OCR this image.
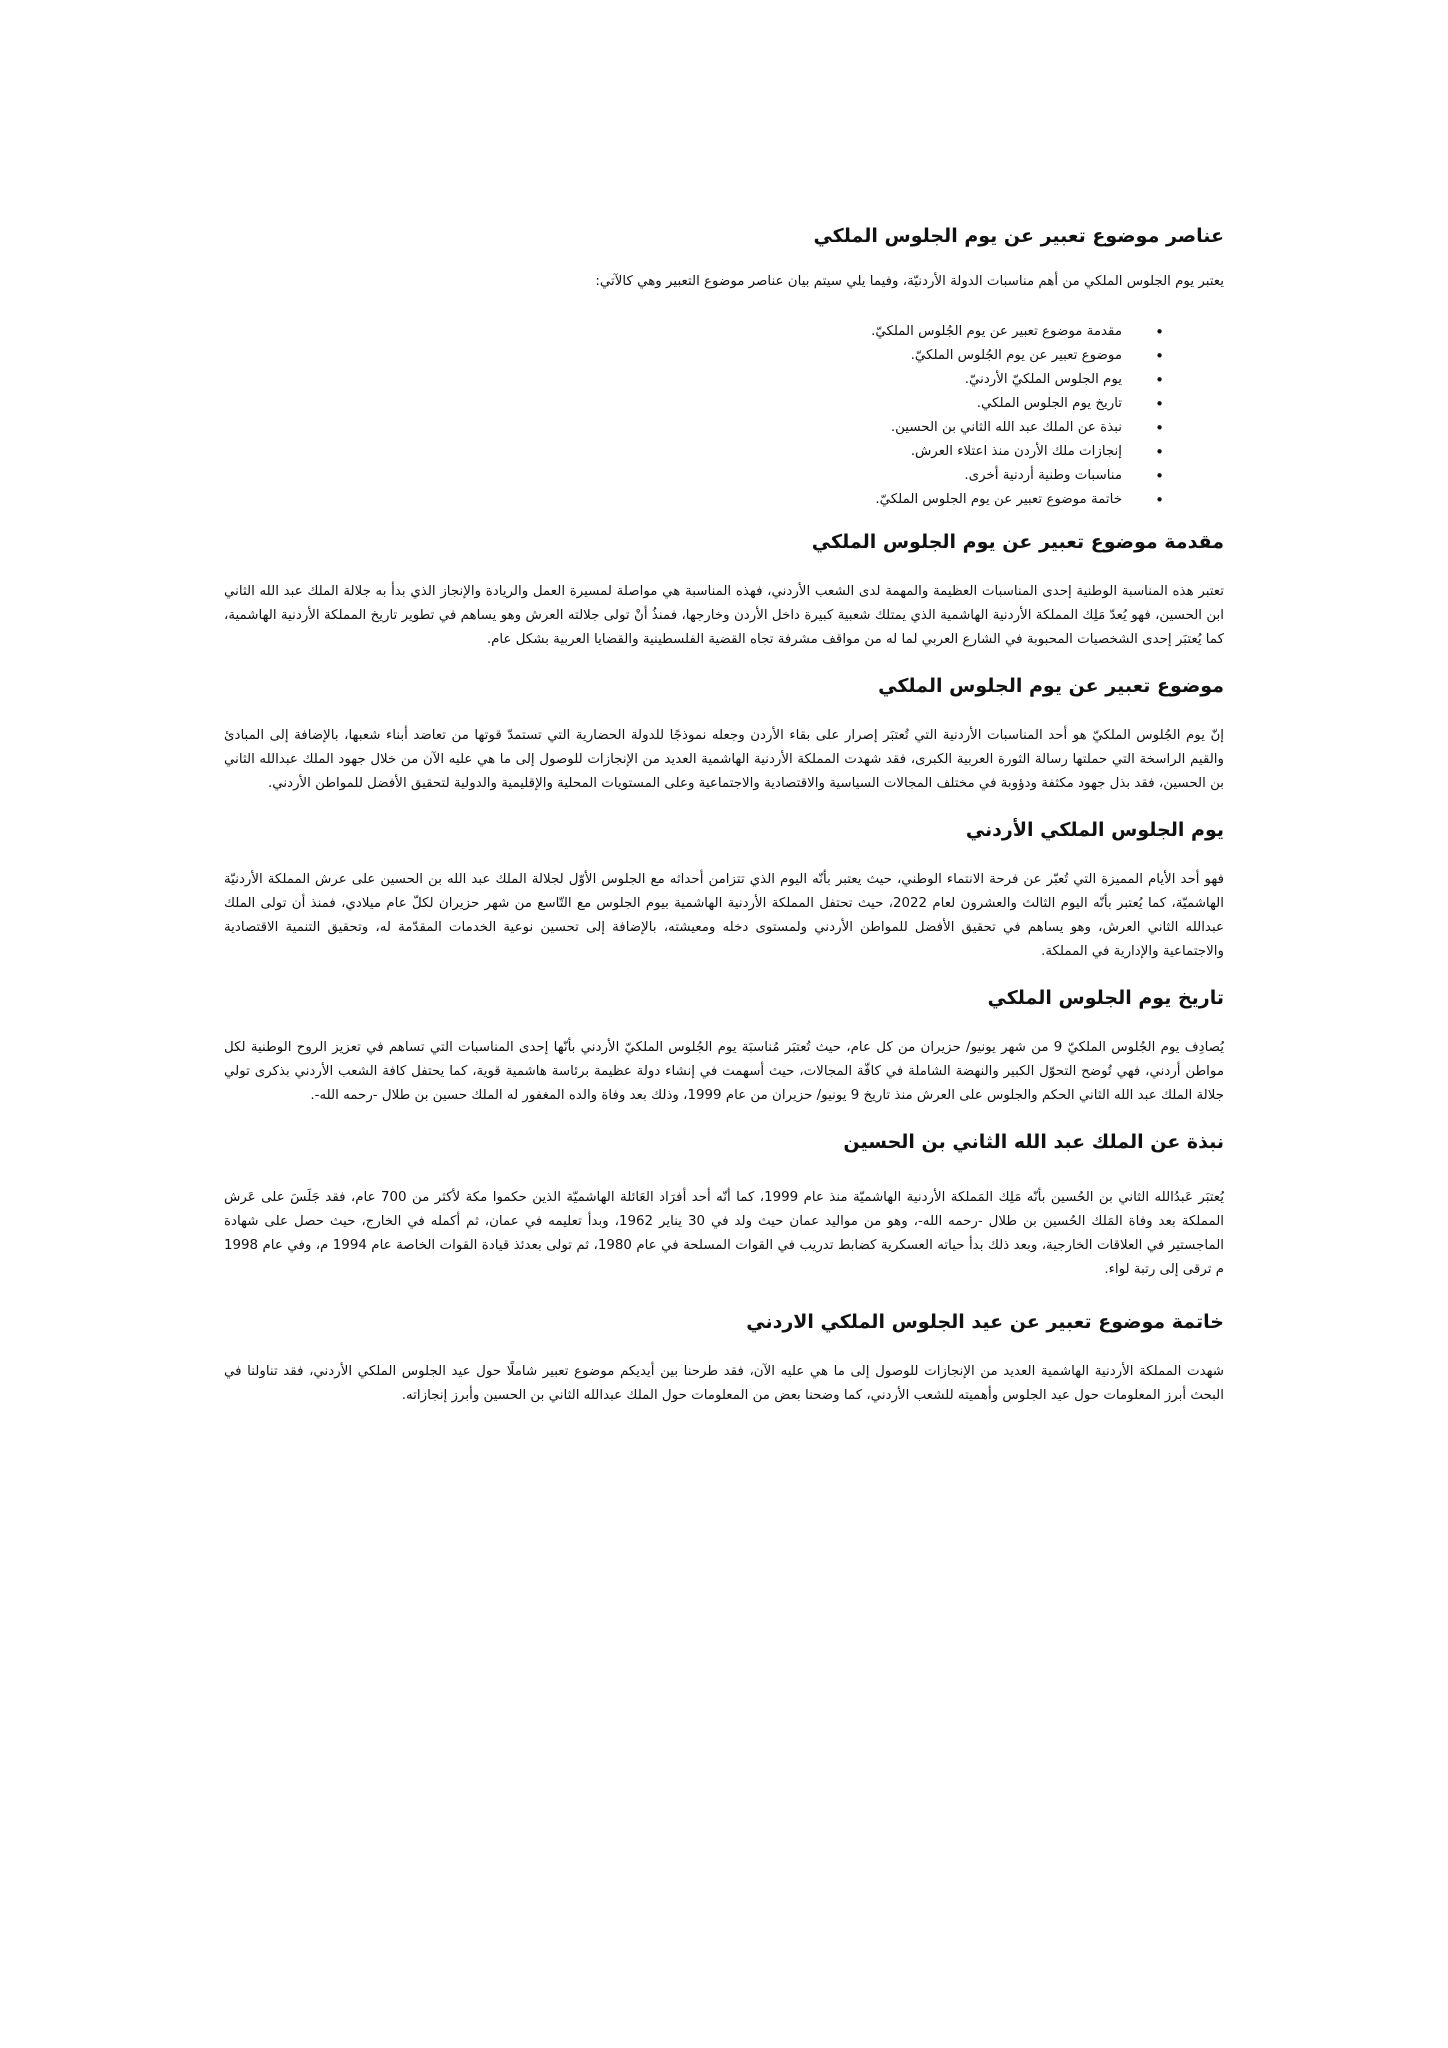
عناصر موضوع تعبير عن يوم الجلوس الملكي

يعتبر يوم الجلوس الملكي من أهم مناسبات الدولة الأردنيّة، وفيما يلي سيتم بيان عناصر موضوع التعبير وهي كالآتي:

• مقدمة موضوع تعبير عن يوم الجُلوس الملكيّ.
• موضوع تعبير عن يوم الجُلوس الملكيّ.
• يوم الجلوس الملكيّ الأردنيّ.
• تاريخ يوم الجلوس الملكي.
• نبذة عن الملك عبد الله الثاني بن الحسين.
• إنجازات ملك الأردن منذ اعتلاء العرش.
• مناسبات وطنية أردنية أخرى.
• خاتمة موضوع تعبير عن يوم الجلوس الملكيّ.
مقدمة موضوع تعبير عن يوم الجلوس الملكي

تعتبر هذه المناسبة الوطنية إحدى المناسبات العظيمة والمهمة لدى الشعب الأردني، فهذه المناسبة هي مواصلة لمسيرة العمل والريادة والإنجاز الذي بدأ به جلالة الملك عبد الله الثاني ابن الحسين، فهو يُعدّ مَلِك المملكة الأردنية الهاشمية الذي يمتلك شعبية كبيرة داخل الأردن وخارجها، فمنذُ أنْ تولى جلالته العرش وهو يساهم في تطوير تاريخ المملكة الأردنية الهاشمية، كما يُعتبَر إحدى الشخصيات المحبوبة في الشارع العربي لما له من مواقف مشرفة تجاه القضية الفلسطينية والقضايا العربية بشكل عام.

موضوع تعبير عن يوم الجلوس الملكي

إنّ يوم الجُلوس الملكيّ هو أحد المناسبات الأردنية التي تُعتبَر إصرار على بقاء الأردن وجعله نموذجًا للدولة الحضارية التي تستمدّ قوتها من تعاضد أبناء شعبها، بالإضافة إلى المبادئ والقيم الراسخة التي حملتها رسالة الثورة العربية الكبرى، فقد شهدت المملكة الأردنية الهاشمية العديد من الإنجازات للوصول إلى ما هي عليه الآن من خلال جهود الملك عبدالله الثاني بن الحسين، فقد بذل جهود مكثفة ودؤوبة في مختلف المجالات السياسية والاقتصادية والاجتماعية وعلى المستويات المحلية والإقليمية والدولية لتحقيق الأفضل للمواطن الأردني.

يوم الجلوس الملكي الأردني

فهو أحد الأيام المميزة التي تُعبّر عن فرحة الانتماء الوطني، حيث يعتبر بأنّه اليوم الذي تتزامن أحداثه مع الجلوس الأوّل لجلالة الملك عبد الله بن الحسين على عرش المملكة الأردنيّة الهاشميّة، كما يُعتبر بأنّه اليوم الثالث والعشرون لعام 2022، حيث تحتفل المملكة الأردنية الهاشمية بيوم الجلوس مع التّاسع من شهر حزيران لكلّ عام ميلادي، فمنذ أن تولى الملك عبدالله الثاني العرش، وهو يساهم في تحقيق الأفضل للمواطن الأردني ولمستوى دخله ومعيشته، بالإضافة إلى تحسين نوعية الخدمات المقدّمة له، وتحقيق التنمية الاقتصادية والاجتماعية والإدارية في المملكة.

تاريخ يوم الجلوس الملكي

يُصادِف يوم الجُلوس الملكيّ 9 من شهر يونيو/ حزيران من كل عام، حيث تُعتبَر مُناسبَة يوم الجُلوس الملكيّ الأردني بأنّها إحدى المناسبات التي تساهم في تعزيز الروح الوطنية لكل مواطن أردني، فهي تُوضح التحوّل الكبير والنهضة الشاملة في كافّة المجالات، حيث أسهمت في إنشاء دولة عظيمة برئاسة هاشمية قوية، كما يحتفل كافة الشعب الأردني بذكرى تولي جلالة الملك عبد الله الثاني الحكم والجلوس على العرش منذ تاريخ 9 يونيو/ حزيران من عام 1999، وذلك بعد وفاة والده المغفور له الملك حسين بن طلال -رحمه الله-.

نبذة عن الملك عبد الله الثاني بن الحسين

يُعتبَر عَبدُالله الثاني بن الحُسين بأنّه مَلِك المَملكة الأردنية الهاشميّة منذ عام 1999، كما أنّه أحد أفرَاد العَائلة الهاشميّة الذين حكموا مكة لأكثر من 700 عام، فقد جَلَسَ على عَرش المملكة بعد وفاة المَلك الحُسين بن طلال -رحمه الله-، وهو من مواليد عمان حيث ولد في 30 يناير 1962، وبدأ تعليمه في عمان، ثم أكمله في الخارج، حيث حصل على شهادة الماجستير في العلاقات الخارجية، وبعد ذلك بدأ حياته العسكرية كضابط تدريب في القوات المسلحة في عام 1980، ثم تولى بعدئذ قيادة القوات الخاصة عام 1994 م، وفي عام 1998 م ترقى إلى رتبة لواء.

خاتمة موضوع تعبير عن عيد الجلوس الملكي الاردني

شهدت المملكة الأردنية الهاشمية العديد من الإنجازات للوصول إلى ما هي عليه الآن، فقد طرحنا بين أيديكم موضوع تعبير شاملًا حول عيد الجلوس الملكي الأردني، فقد تناولنا في البحث أبرز المعلومات حول عيد الجلوس وأهميته للشعب الأردني، كما وضحنا بعض من المعلومات حول الملك عبدالله الثاني بن الحسين وأبرز إنجازاته.
